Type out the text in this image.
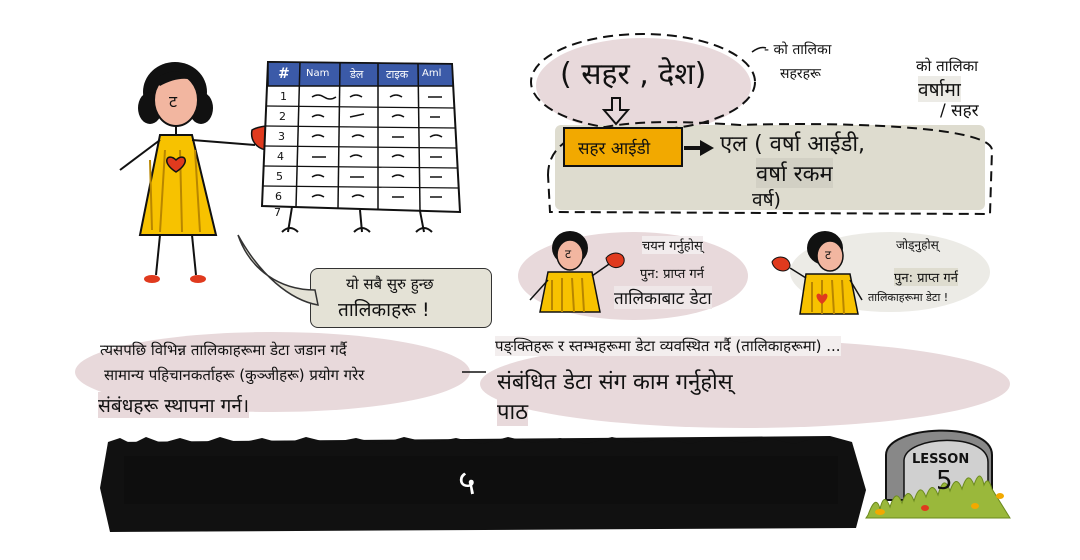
ट
# Nam डेल टाइक Aml
1
2
3
4
5
6
7
यो सबै सुरु हुन्छ
तालिकाहरू !
त्यसपछि विभिन्न तालिकाहरूमा डेटा जडान गर्दै
सामान्य पहिचानकर्ताहरू (कुञ्जीहरू) प्रयोग गरेर
संबंधहरू स्थापना गर्न।
( सहर , देश)
- को तालिका
सहरहरू	को तालिका
वर्षामा
/ सहर
सहर आईडी	एल ( वर्षा आईडी,
वर्षा रकम
वर्ष)
ट	ट
चयन गर्नुहोस्
पुन: प्राप्त गर्न
तालिकाबाट डेटा
जोड्नुहोस्
पुन: प्राप्त गर्न
तालिकाहरूमा डेटा !
पङ्क्तिहरू र स्तम्भहरूमा डेटा व्यवस्थित गर्दै (तालिकाहरूमा) ...
संबंधित डेटा संग काम गर्नुहोस्
पाठ
५
LESSON
5
